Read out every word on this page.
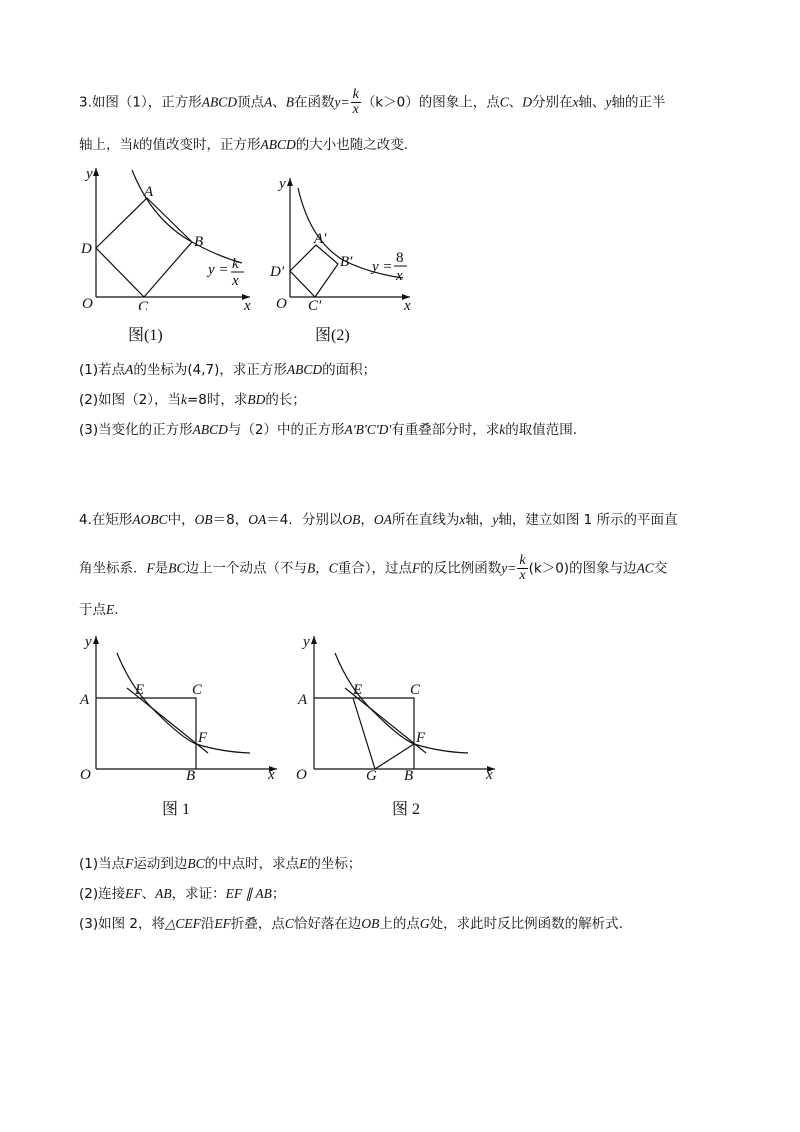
3.如图（1），正方形ABCD顶点A、B在函数$y= \frac{k}{x} (k>0)$的图象上，点C、D分别在x轴、y轴的正半
轴上，当k的值改变时，正方形ABCD的大小也随之改变.
y
x
O
A
B
C
D
y = k
x
图(1)
y
x
O
A′
B′
C′
D′	y =
8
x
图(2)
(1)若点A的坐标为(4,7)，求正方形ABCD的面积；
(2)如图（2），当k=8时，求BD的长；
(3)当变化的正方形ABCD与（2）中的正方形A'B'C'D'有重叠部分时，求k的取值范围.
4.在矩形AOBC中，OB＝8，OA＝4．分别以OB，OA所在直线为x轴，y轴，建立如图 1 所示的平面直
角坐标系．F是BC边上一个动点（不与B，C重合），过点F的反比例函数$y= \frac{k}{x} (k>0)$的图象与边AC交
于点E.
y
x
O
A
E	C
F
B
图 1
y
x
O
A
E	C
F
G B
图 2
(1)当点F运动到边BC的中点时，求点E的坐标；
(2)连接EF、AB，求证：EF ∥ AB；
(3)如图 2，将△CEF沿EF折叠，点C恰好落在边OB上的点G处，求此时反比例函数的解析式.
